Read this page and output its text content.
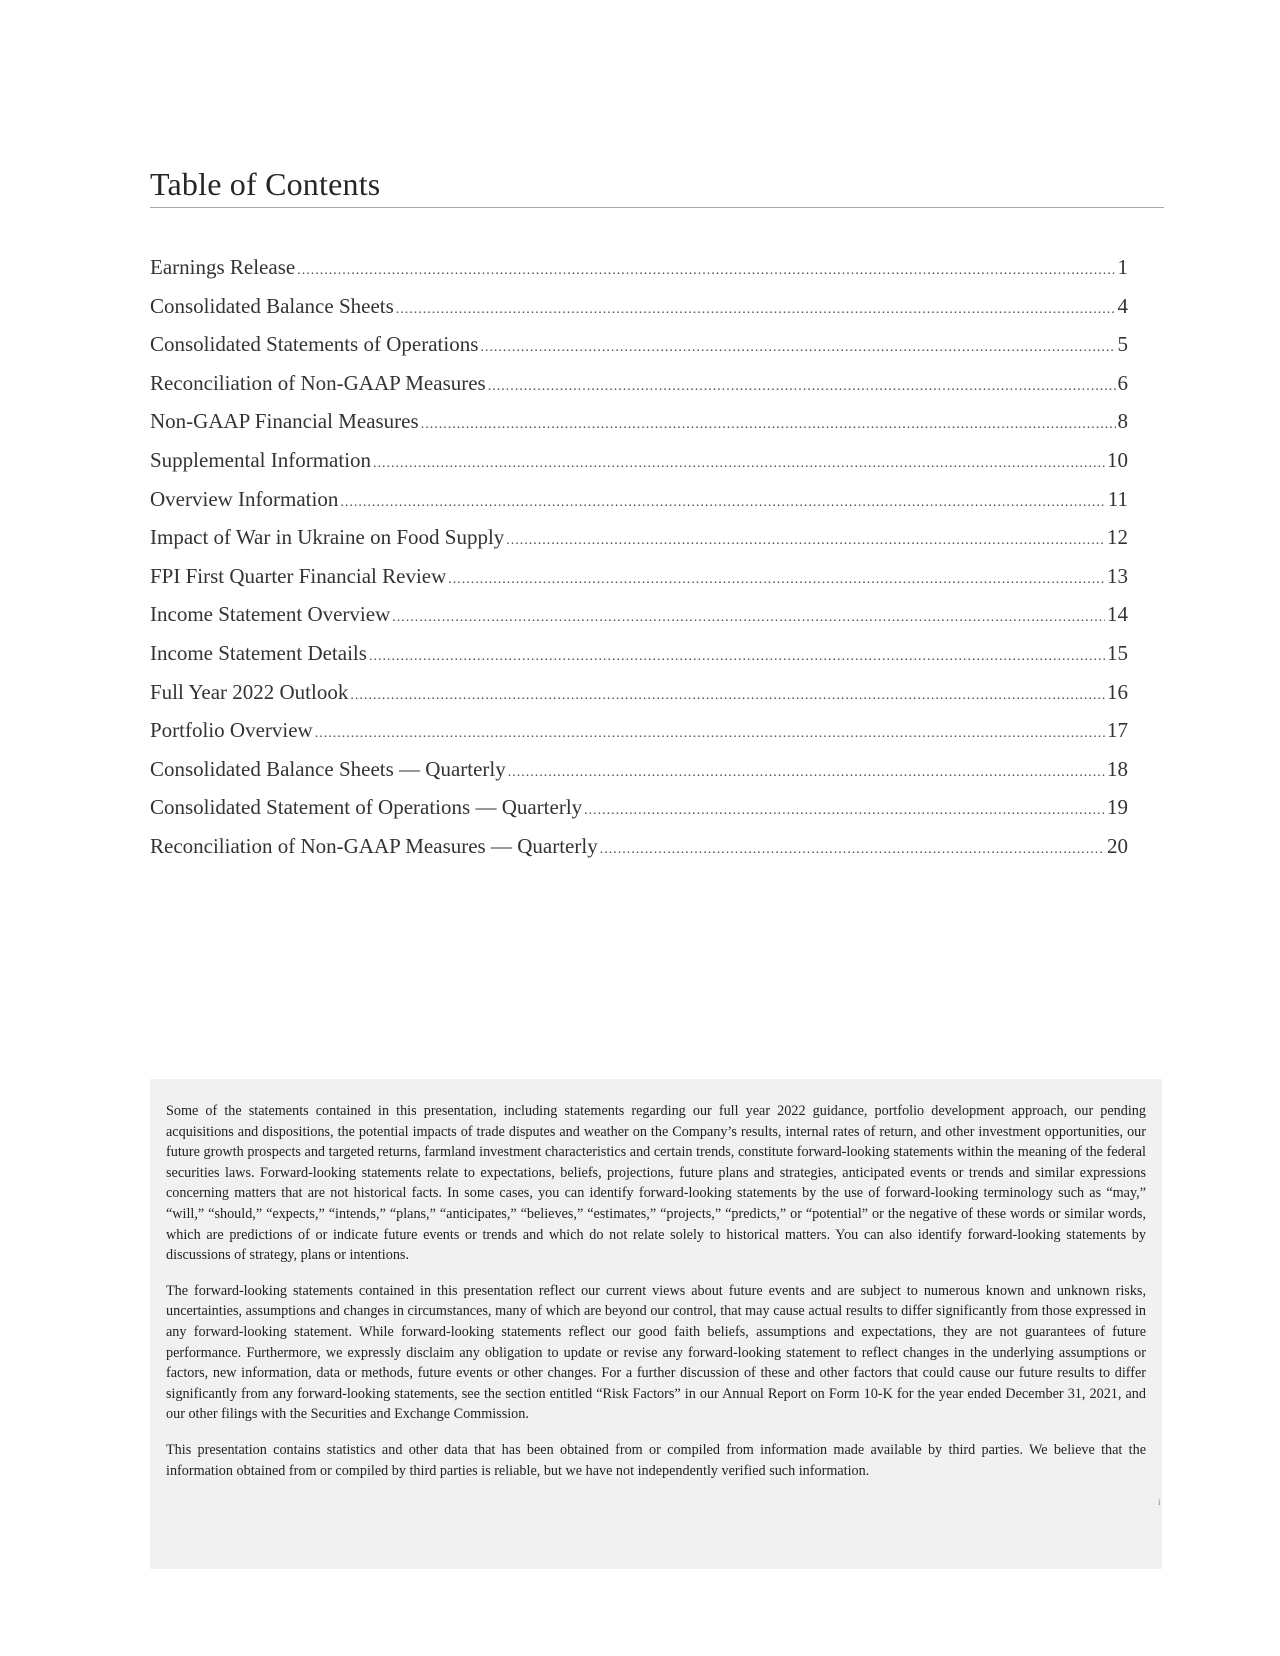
Table of Contents
Earnings Release .....	1
Consolidated Balance Sheets .....	4
Consolidated Statements of Operations .....	5
Reconciliation of Non-GAAP Measures .....	6
Non-GAAP Financial Measures .....	8
Supplemental Information .....	10
Overview Information .....	11
Impact of War in Ukraine on Food Supply .....	12
FPI First Quarter Financial Review .....	13
Income Statement Overview .....	14
Income Statement Details .....	15
Full Year 2022 Outlook .....	16
Portfolio Overview .....	17
Consolidated Balance Sheets — Quarterly .....	18
Consolidated Statement of Operations — Quarterly .....	19
Reconciliation of Non-GAAP Measures — Quarterly .....	20

Some of the statements contained in this presentation, including statements regarding our full year 2022 guidance, portfolio development approach, our pending acquisitions and dispositions, the potential impacts of trade disputes and weather on the Company’s results, internal rates of return, and other investment opportunities, our future growth prospects and targeted returns, farmland investment characteristics and certain trends, constitute forward-looking statements within the meaning of the federal securities laws. Forward-looking statements relate to expectations, beliefs, projections, future plans and strategies, anticipated events or trends and similar expressions concerning matters that are not historical facts. In some cases, you can identify forward-looking statements by the use of forward-looking terminology such as “may,” “will,” “should,” “expects,” “intends,” “plans,” “anticipates,” “believes,” “estimates,” “projects,” “predicts,” or “potential” or the negative of these words or similar words, which are predictions of or indicate future events or trends and which do not relate solely to historical matters. You can also identify forward-looking statements by discussions of strategy, plans or intentions.

The forward-looking statements contained in this presentation reflect our current views about future events and are subject to numerous known and unknown risks, uncertainties, assumptions and changes in circumstances, many of which are beyond our control, that may cause actual results to differ significantly from those expressed in any forward-looking statement. While forward-looking statements reflect our good faith beliefs, assumptions and expectations, they are not guarantees of future performance. Furthermore, we expressly disclaim any obligation to update or revise any forward-looking statement to reflect changes in the underlying assumptions or factors, new information, data or methods, future events or other changes. For a further discussion of these and other factors that could cause our future results to differ significantly from any forward-looking statements, see the section entitled “Risk Factors” in our Annual Report on Form 10-K for the year ended December 31, 2021, and our other filings with the Securities and Exchange Commission.

This presentation contains statistics and other data that has been obtained from or compiled from information made available by third parties. We believe that the information obtained from or compiled by third parties is reliable, but we have not independently verified such information.

i
